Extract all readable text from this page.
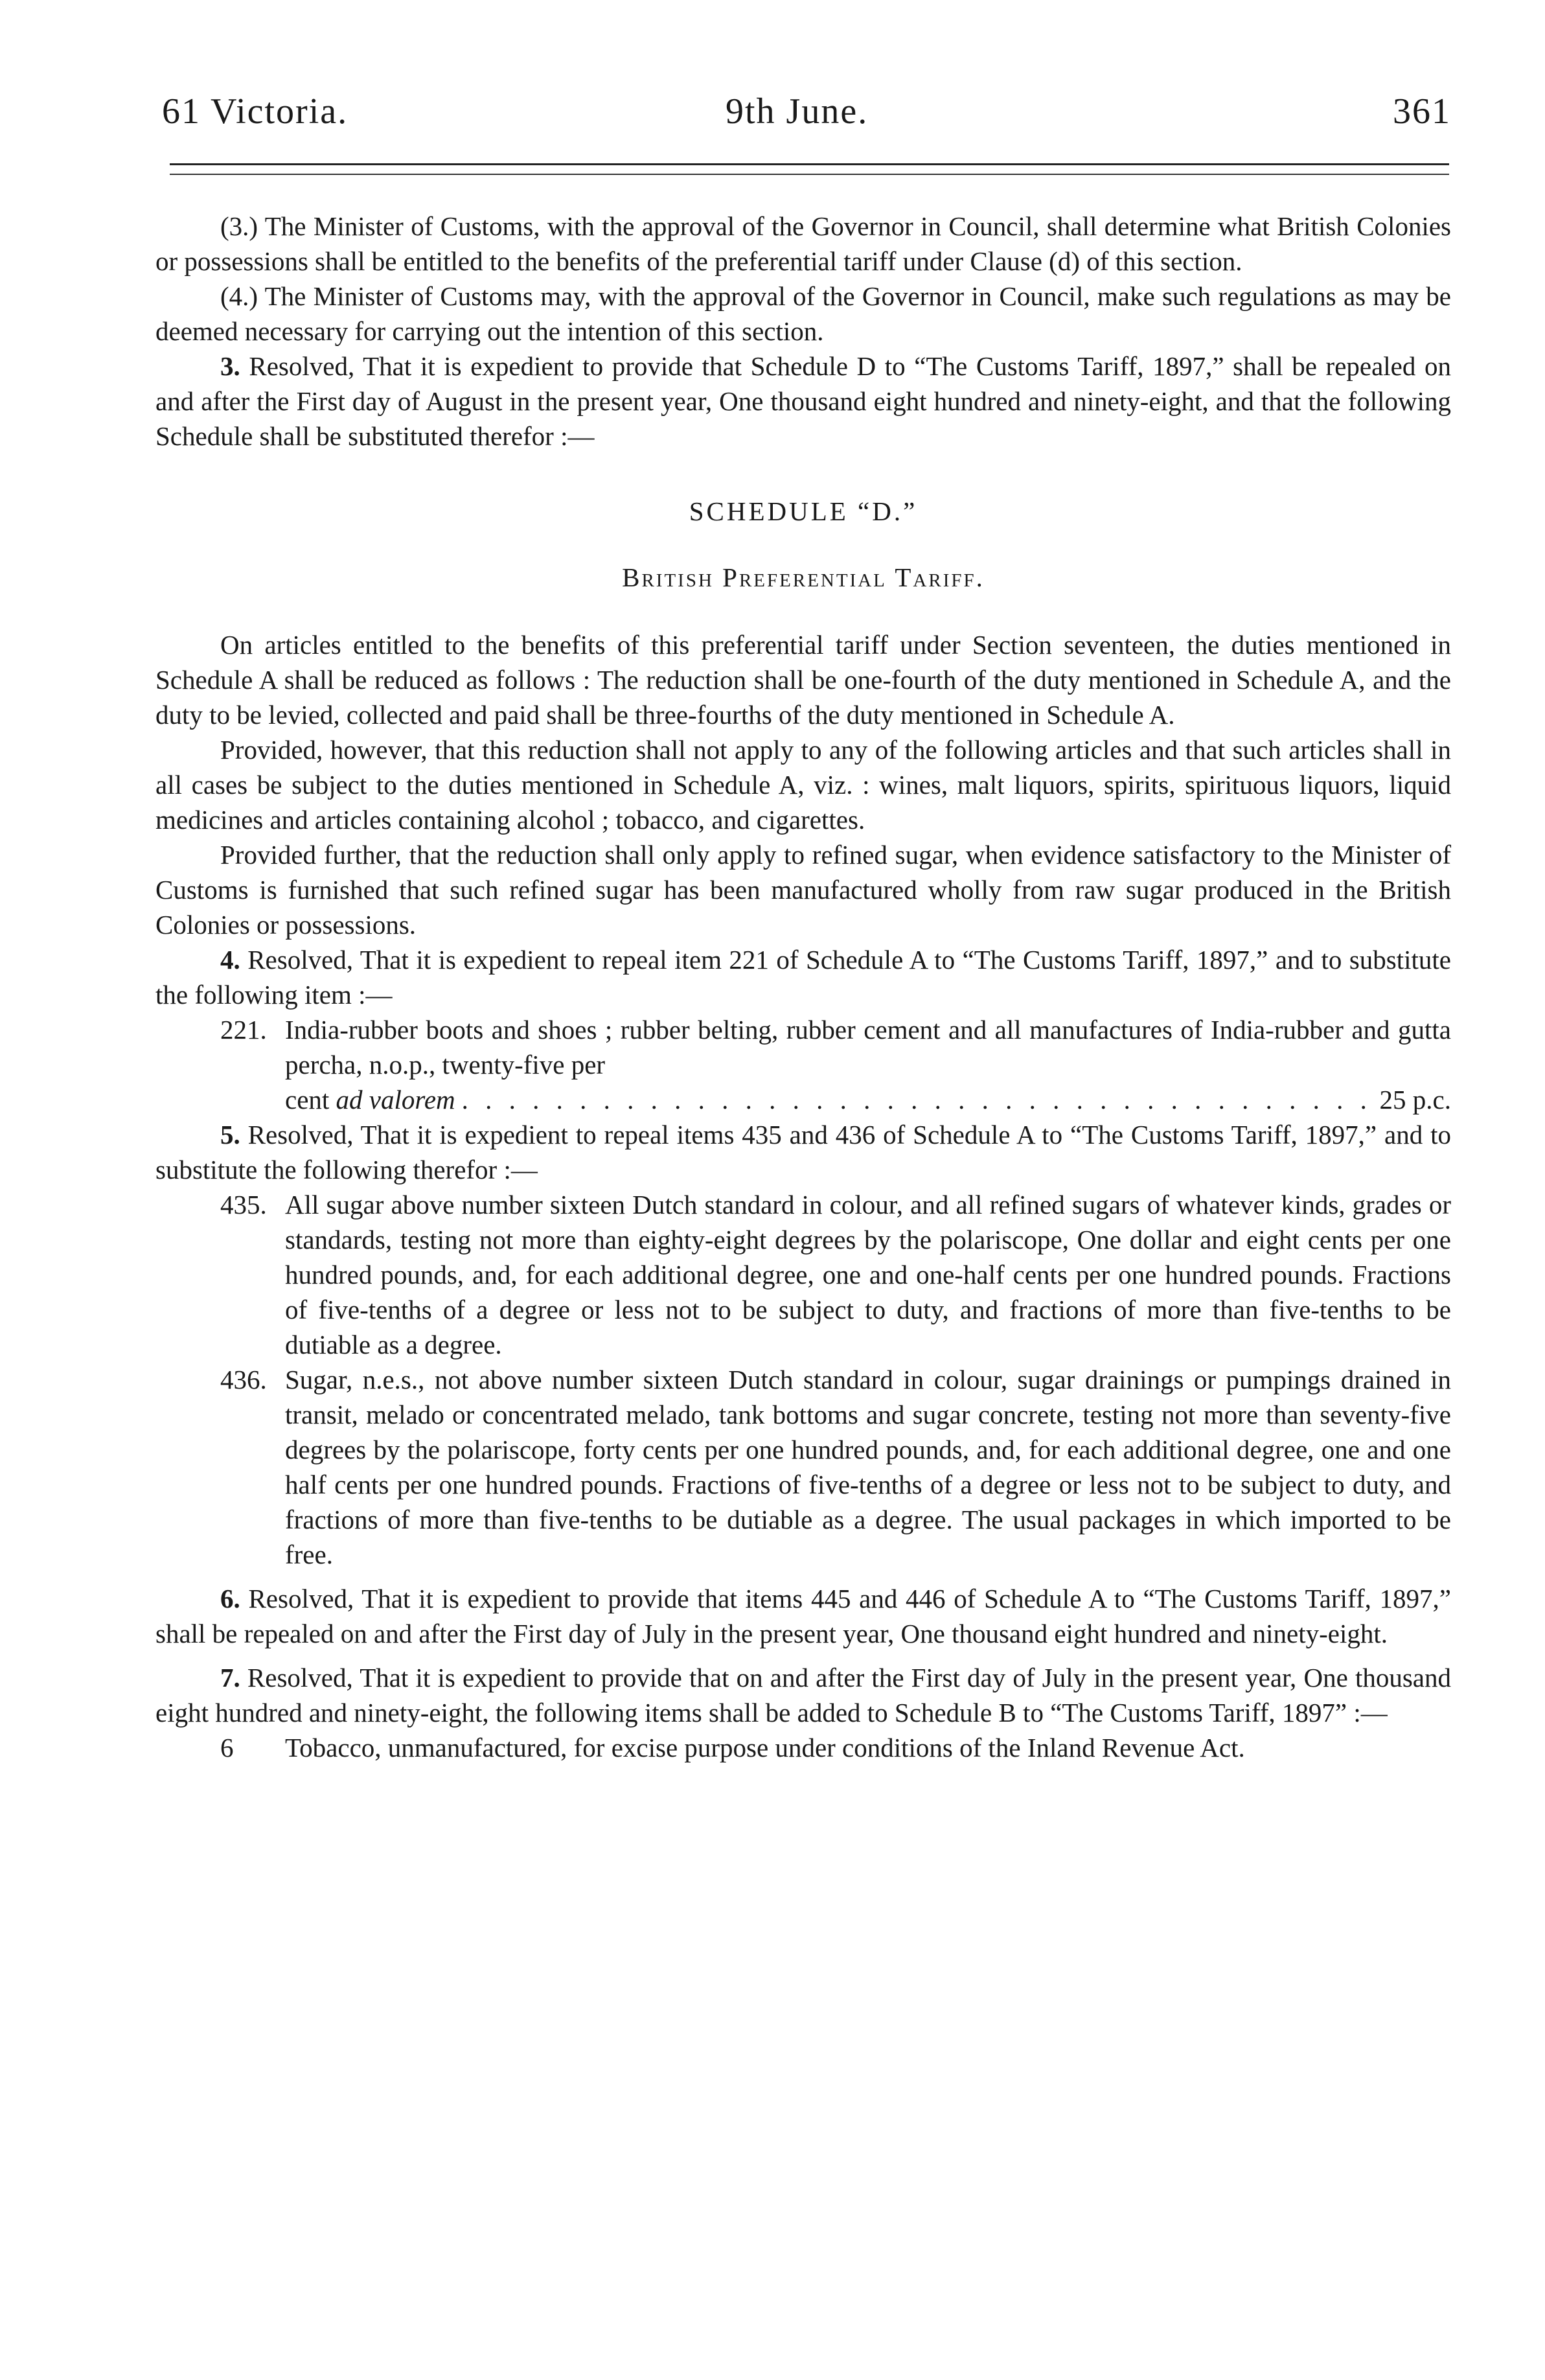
61 Victoria.	9th June.	361

(3.) The Minister of Customs, with the approval of the Governor in Council, shall determine what British Colonies or possessions shall be entitled to the benefits of the preferential tariff under Clause (d) of this section.

(4.) The Minister of Customs may, with the approval of the Governor in Council, make such regulations as may be deemed necessary for carrying out the intention of this section.

3. Resolved, That it is expedient to provide that Schedule D to “The Customs Tariff, 1897,” shall be repealed on and after the First day of August in the present year, One thousand eight hundred and ninety-eight, and that the following Schedule shall be substituted therefor :—

SCHEDULE “D.”

British Preferential Tariff.

On articles entitled to the benefits of this preferential tariff under Section seventeen, the duties mentioned in Schedule A shall be reduced as follows : The reduction shall be one-fourth of the duty mentioned in Schedule A, and the duty to be levied, collected and paid shall be three-fourths of the duty mentioned in Schedule A.

Provided, however, that this reduction shall not apply to any of the following articles and that such articles shall in all cases be subject to the duties mentioned in Schedule A, viz. : wines, malt liquors, spirits, spirituous liquors, liquid medicines and articles containing alcohol ; tobacco, and cigarettes.

Provided further, that the reduction shall only apply to refined sugar, when evidence satisfactory to the Minister of Customs is furnished that such refined sugar has been manufactured wholly from raw sugar produced in the British Colonies or possessions.

4. Resolved, That it is expedient to repeal item 221 of Schedule A to “The Customs Tariff, 1897,” and to substitute the following item :—

221. India-rubber boots and shoes ; rubber belting, rubber cement and all manufactures of India-rubber and gutta percha, n.o.p., twenty-five per

cent ad valorem
. . .	25 p.c.

5. Resolved, That it is expedient to repeal items 435 and 436 of Schedule A to “The Customs Tariff, 1897,” and to substitute the following therefor :—

435. All sugar above number sixteen Dutch standard in colour, and all refined sugars of whatever kinds, grades or standards, testing not more than eighty-eight degrees by the polariscope, One dollar and eight cents per one hundred pounds, and, for each additional degree, one and one-half cents per one hundred pounds. Fractions of five-tenths of a degree or less not to be subject to duty, and fractions of more than five-tenths to be dutiable as a degree.

436. Sugar, n.e.s., not above number sixteen Dutch standard in colour, sugar drainings or pumpings drained in transit, melado or concentrated melado, tank bottoms and sugar concrete, testing not more than seventy-five degrees by the polariscope, forty cents per one hundred pounds, and, for each additional degree, one and one half cents per one hundred pounds. Fractions of five-tenths of a degree or less not to be subject to duty, and fractions of more than five-tenths to be dutiable as a degree. The usual packages in which imported to be free.

6. Resolved, That it is expedient to provide that items 445 and 446 of Schedule A to “The Customs Tariff, 1897,” shall be repealed on and after the First day of July in the present year, One thousand eight hundred and ninety-eight.

7. Resolved, That it is expedient to provide that on and after the First day of July in the present year, One thousand eight hundred and ninety-eight, the following items shall be added to Schedule B to “The Customs Tariff, 1897” :—

6 Tobacco, unmanufactured, for excise purpose under conditions of the Inland Revenue Act.
